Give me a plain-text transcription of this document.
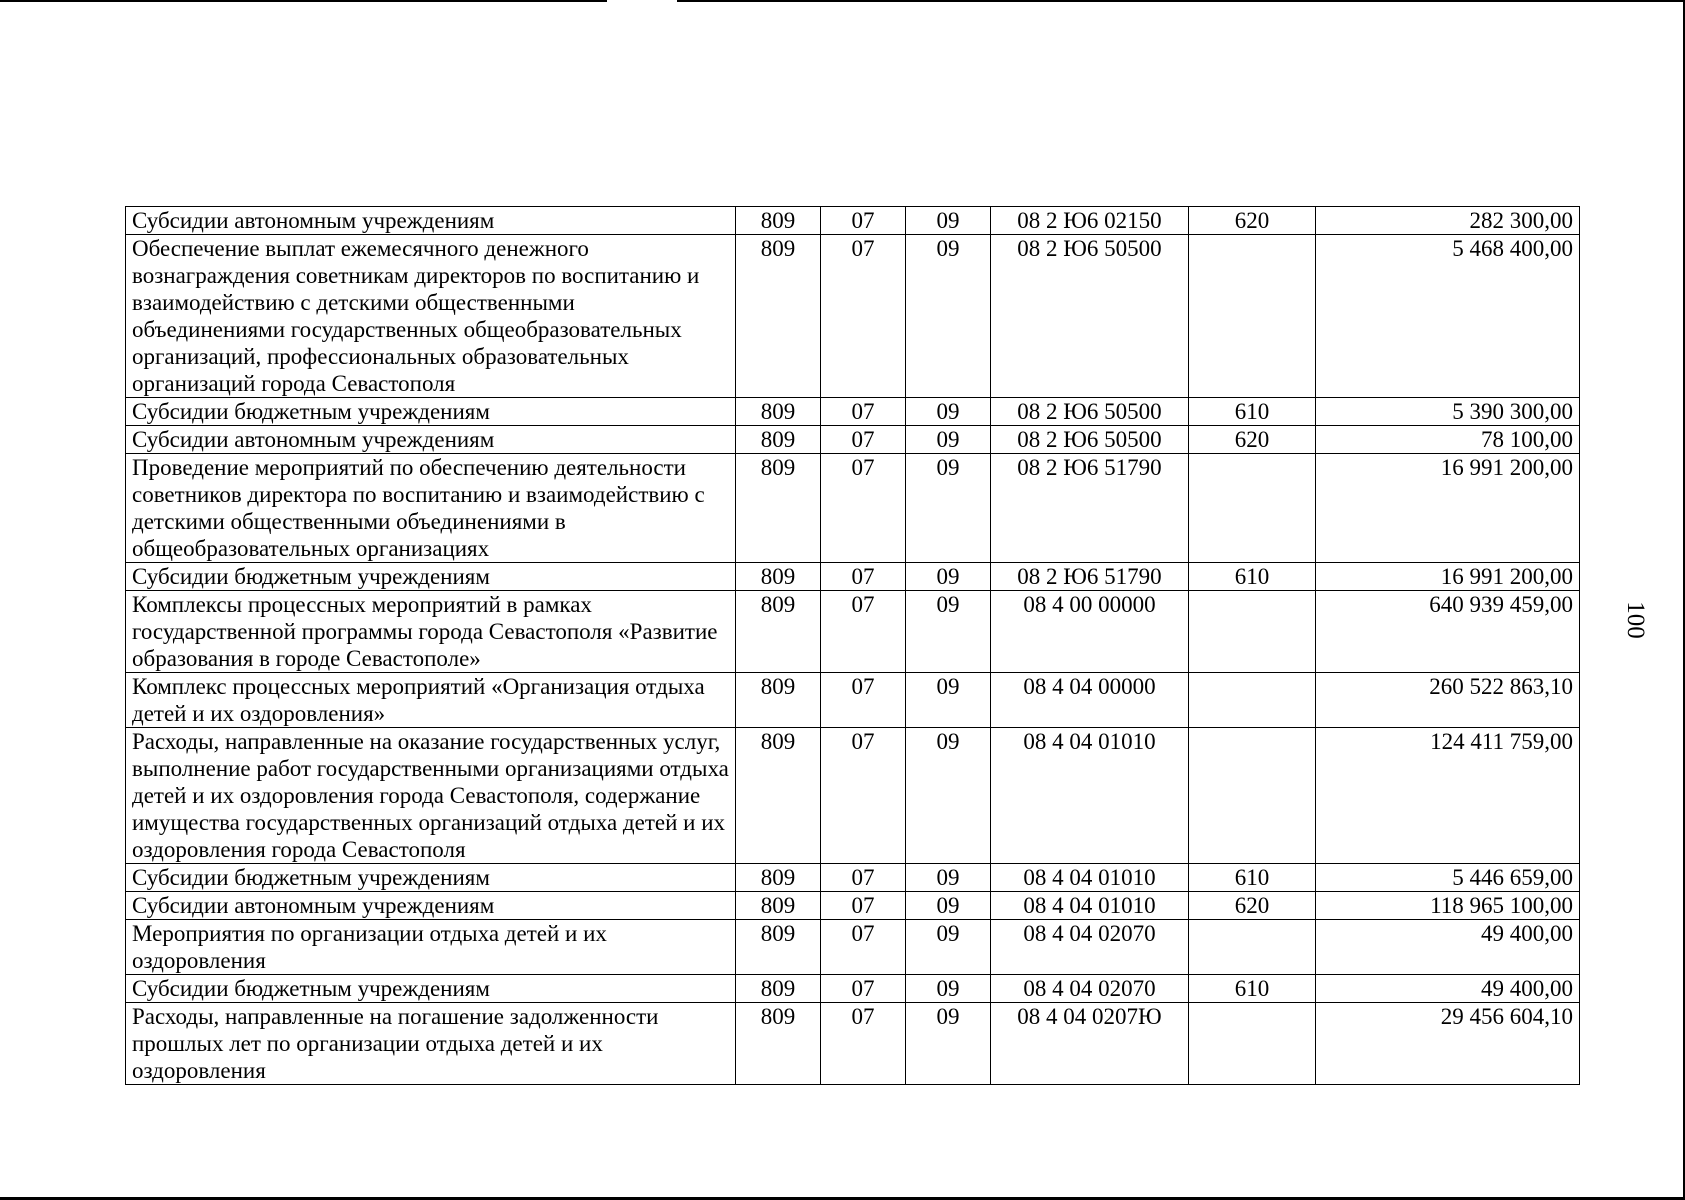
Субсидии автономным учреждениям	809	07	09	08 2 Ю6 02150	620	282 300,00
Обеспечение выплат ежемесячного денежного вознаграждения советникам директоров по воспитанию и взаимодействию с детскими общественными объединениями государственных общеобразовательных организаций, профессиональных образовательных организаций города Севастополя	809	07	09	08 2 Ю6 50500		5 468 400,00
Субсидии бюджетным учреждениям	809	07	09	08 2 Ю6 50500	610	5 390 300,00
Субсидии автономным учреждениям	809	07	09	08 2 Ю6 50500	620	78 100,00
Проведение мероприятий по обеспечению деятельности советников директора по воспитанию и взаимодействию с детскими общественными объединениями в общеобразовательных организациях	809	07	09	08 2 Ю6 51790		16 991 200,00
Субсидии бюджетным учреждениям	809	07	09	08 2 Ю6 51790	610	16 991 200,00
Комплексы процессных мероприятий в рамках государственной программы города Севастополя «Развитие образования в городе Севастополе»	809	07	09	08 4 00 00000		640 939 459,00
Комплекс процессных мероприятий «Организация отдыха детей и их оздоровления»	809	07	09	08 4 04 00000		260 522 863,10
Расходы, направленные на оказание государственных услуг, выполнение работ государственными организациями отдыха детей и их оздоровления города Севастополя, содержание имущества государственных организаций отдыха детей и их оздоровления города Севастополя	809	07	09	08 4 04 01010		124 411 759,00
Субсидии бюджетным учреждениям	809	07	09	08 4 04 01010	610	5 446 659,00
Субсидии автономным учреждениям	809	07	09	08 4 04 01010	620	118 965 100,00
Мероприятия по организации отдыха детей и их оздоровления	809	07	09	08 4 04 02070		49 400,00
Субсидии бюджетным учреждениям	809	07	09	08 4 04 02070	610	49 400,00
Расходы, направленные на погашение задолженности прошлых лет по организации отдыха детей и их оздоровления	809	07	09	08 4 04 0207Ю		29 456 604,10
100
